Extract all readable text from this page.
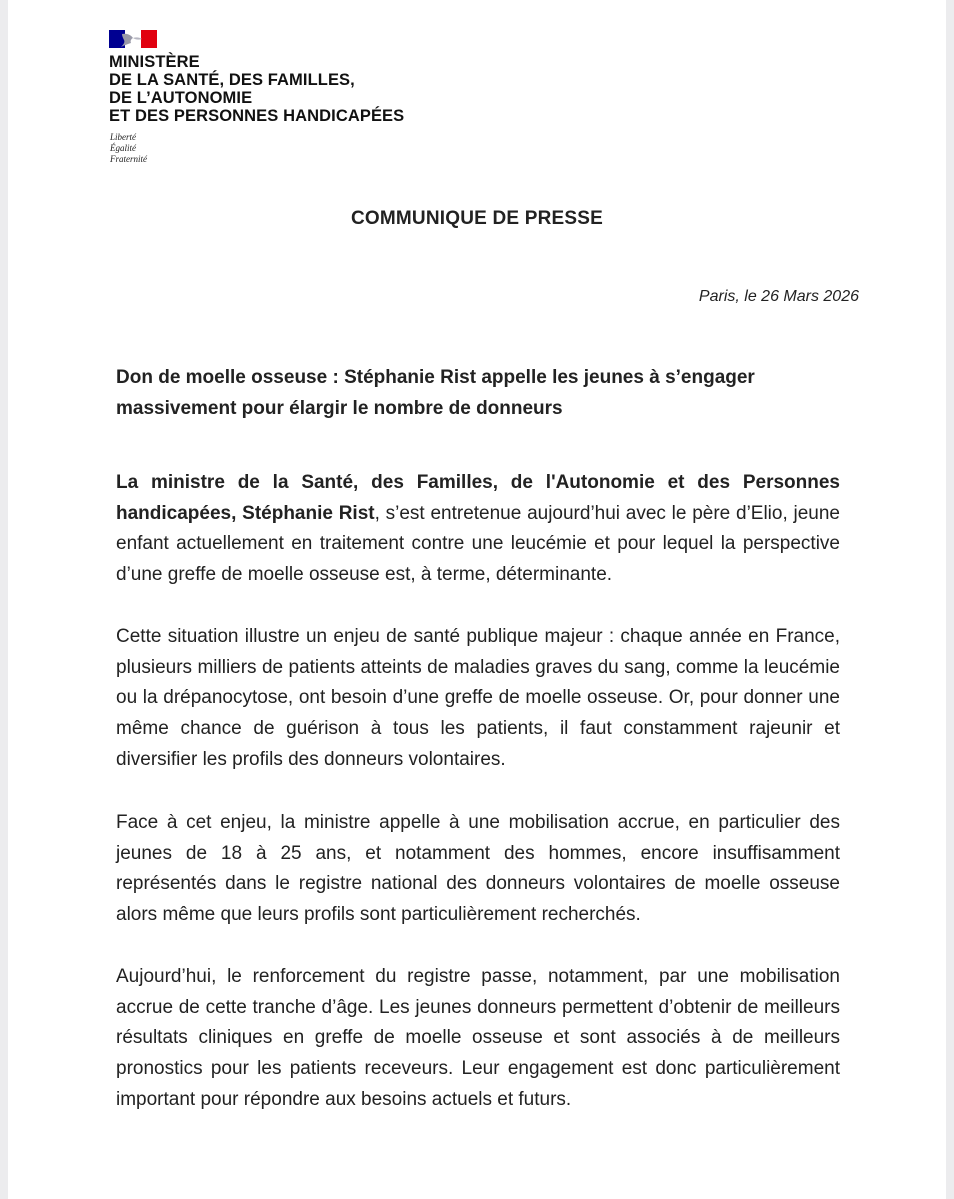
MINISTÈRE
DE LA SANTÉ, DES FAMILLES,
DE L’AUTONOMIE
ET DES PERSONNES HANDICAPÉES
Liberté
Égalité
Fraternité
COMMUNIQUE DE PRESSE
Paris, le 26 Mars 2026
Don de moelle osseuse : Stéphanie Rist appelle les jeunes à s’engager massivement pour élargir le nombre de donneurs
La ministre de la Santé, des Familles, de l'Autonomie et des Personnes handicapées, Stéphanie Rist, s’est entretenue aujourd’hui avec le père d’Elio, jeune enfant actuellement en traitement contre une leucémie et pour lequel la perspective d’une greffe de moelle osseuse est, à terme, déterminante.
Cette situation illustre un enjeu de santé publique majeur : chaque année en France, plusieurs milliers de patients atteints de maladies graves du sang, comme la leucémie ou la drépanocytose, ont besoin d’une greffe de moelle osseuse. Or, pour donner une même chance de guérison à tous les patients, il faut constamment rajeunir et diversifier les profils des donneurs volontaires.
Face à cet enjeu, la ministre appelle à une mobilisation accrue, en particulier des jeunes de 18 à 25 ans, et notamment des hommes, encore insuffisamment représentés dans le registre national des donneurs volontaires de moelle osseuse alors même que leurs profils sont particulièrement recherchés.
Aujourd’hui, le renforcement du registre passe, notamment, par une mobilisation accrue de cette tranche d’âge. Les jeunes donneurs permettent d’obtenir de meilleurs résultats cliniques en greffe de moelle osseuse et sont associés à de meilleurs pronostics pour les patients receveurs. Leur engagement est donc particulièrement important pour répondre aux besoins actuels et futurs.
